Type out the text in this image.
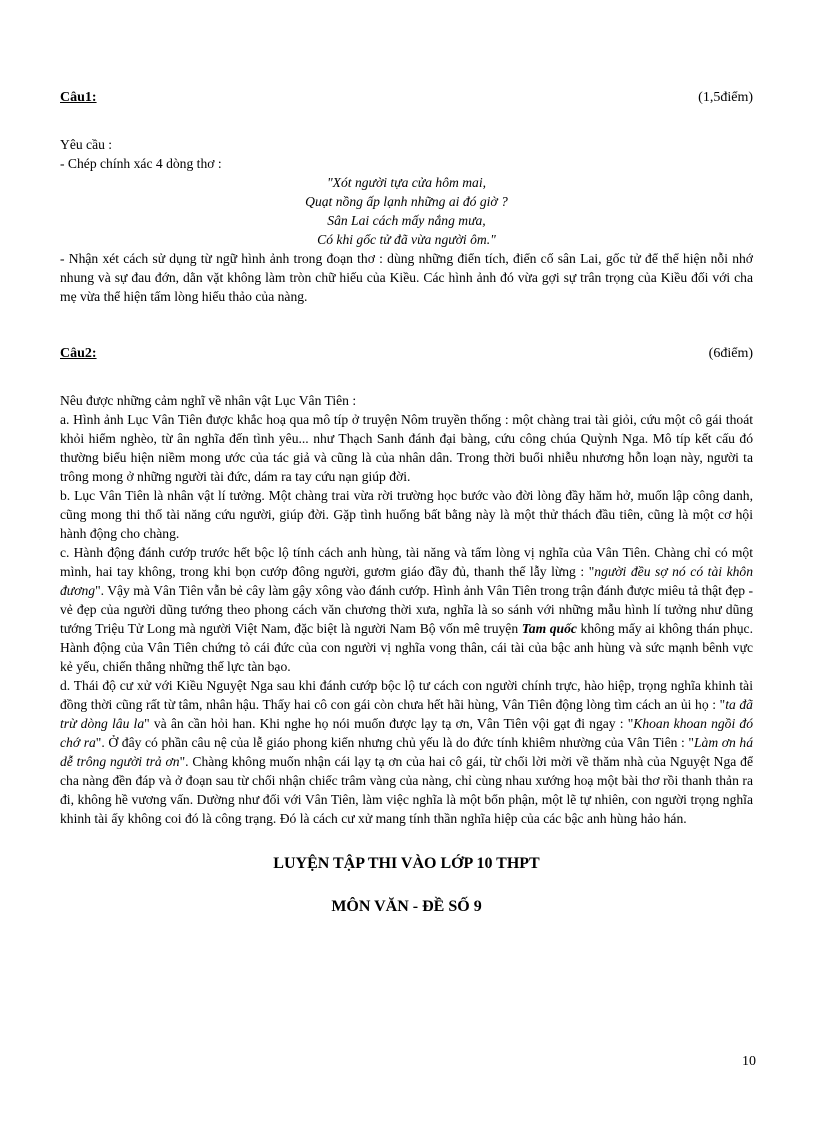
Câu1:	(1,5điểm)

Yêu cầu :

- Chép chính xác 4 dòng thơ :

"Xót người tựa cửa hôm mai,
Quạt nồng ấp lạnh những ai đó giờ ?
Sân Lai cách mấy nắng mưa,
Có khi gốc tử đã vừa người ôm."

- Nhận xét cách sử dụng từ ngữ hình ảnh trong đoạn thơ : dùng những điển tích, điển cố sân Lai, gốc tử để thể hiện nỗi nhớ nhung và sự đau đớn, dằn vặt không làm tròn chữ hiếu của Kiều. Các hình ảnh đó vừa gợi sự trân trọng của Kiều đối với cha mẹ vừa thể hiện tấm lòng hiếu thảo của nàng.

Câu2:	(6điểm)

Nêu được những cảm nghĩ về nhân vật Lục Vân Tiên :

a. Hình ảnh Lục Vân Tiên được khắc hoạ qua mô típ ở truyện Nôm truyền thống : một chàng trai tài giỏi, cứu một cô gái thoát khỏi hiểm nghèo, từ ân nghĩa đến tình yêu... như Thạch Sanh đánh đại bàng, cứu công chúa Quỳnh Nga. Mô típ kết cấu đó thường biểu hiện niềm mong ước của tác giả và cũng là của nhân dân. Trong thời buổi nhiễu nhương hỗn loạn này, người ta trông mong ở những người tài đức, dám ra tay cứu nạn giúp đời.

b. Lục Vân Tiên là nhân vật lí tưởng. Một chàng trai vừa rời trường học bước vào đời lòng đầy hăm hở, muốn lập công danh, cũng mong thi thố tài năng cứu người, giúp đời. Gặp tình huống bất bằng này là một thử thách đầu tiên, cũng là một cơ hội hành động cho chàng.

c. Hành động đánh cướp trước hết bộc lộ tính cách anh hùng, tài năng và tấm lòng vị nghĩa của Vân Tiên. Chàng chỉ có một mình, hai tay không, trong khi bọn cướp đông người, gươm giáo đầy đủ, thanh thế lẫy lừng : "người đều sợ nó có tài khôn đương". Vậy mà Vân Tiên vẫn bẻ cây làm gậy xông vào đánh cướp. Hình ảnh Vân Tiên trong trận đánh được miêu tả thật đẹp - vẻ đẹp của người dũng tướng theo phong cách văn chương thời xưa, nghĩa là so sánh với những mẫu hình lí tưởng như dũng tướng Triệu Tử Long mà người Việt Nam, đặc biệt là người Nam Bộ vốn mê truyện Tam quốc không mấy ai không thán phục. Hành động của Vân Tiên chứng tỏ cái đức của con người vị nghĩa vong thân, cái tài của bậc anh hùng và sức mạnh bênh vực kẻ yếu, chiến thắng những thế lực tàn bạo.

d. Thái độ cư xử với Kiều Nguyệt Nga sau khi đánh cướp bộc lộ tư cách con người chính trực, hào hiệp, trọng nghĩa khinh tài đồng thời cũng rất từ tâm, nhân hậu. Thấy hai cô con gái còn chưa hết hãi hùng, Vân Tiên động lòng tìm cách an ủi họ : "ta đã trừ dòng lâu la" và ân cần hỏi han. Khi nghe họ nói muốn được lạy tạ ơn, Vân Tiên vội gạt đi ngay : "Khoan khoan ngồi đó chớ ra". Ở đây có phần câu nệ của lễ giáo phong kiến nhưng chủ yếu là do đức tính khiêm nhường của Vân Tiên : "Làm ơn há dễ trông người trả ơn". Chàng không muốn nhận cái lạy tạ ơn của hai cô gái, từ chối lời mời về thăm nhà của Nguyệt Nga để cha nàng đền đáp và ở đoạn sau từ chối nhận chiếc trâm vàng của nàng, chỉ cùng nhau xướng hoạ một bài thơ rồi thanh thản ra đi, không hề vương vấn. Dường như đối với Vân Tiên, làm việc nghĩa là một bổn phận, một lẽ tự nhiên, con người trọng nghĩa khinh tài ấy không coi đó là công trạng. Đó là cách cư xử mang tính thần nghĩa hiệp của các bậc anh hùng hảo hán.

LUYỆN TẬP THI VÀO LỚP 10 THPT

MÔN VĂN - ĐỀ SỐ 9

10
